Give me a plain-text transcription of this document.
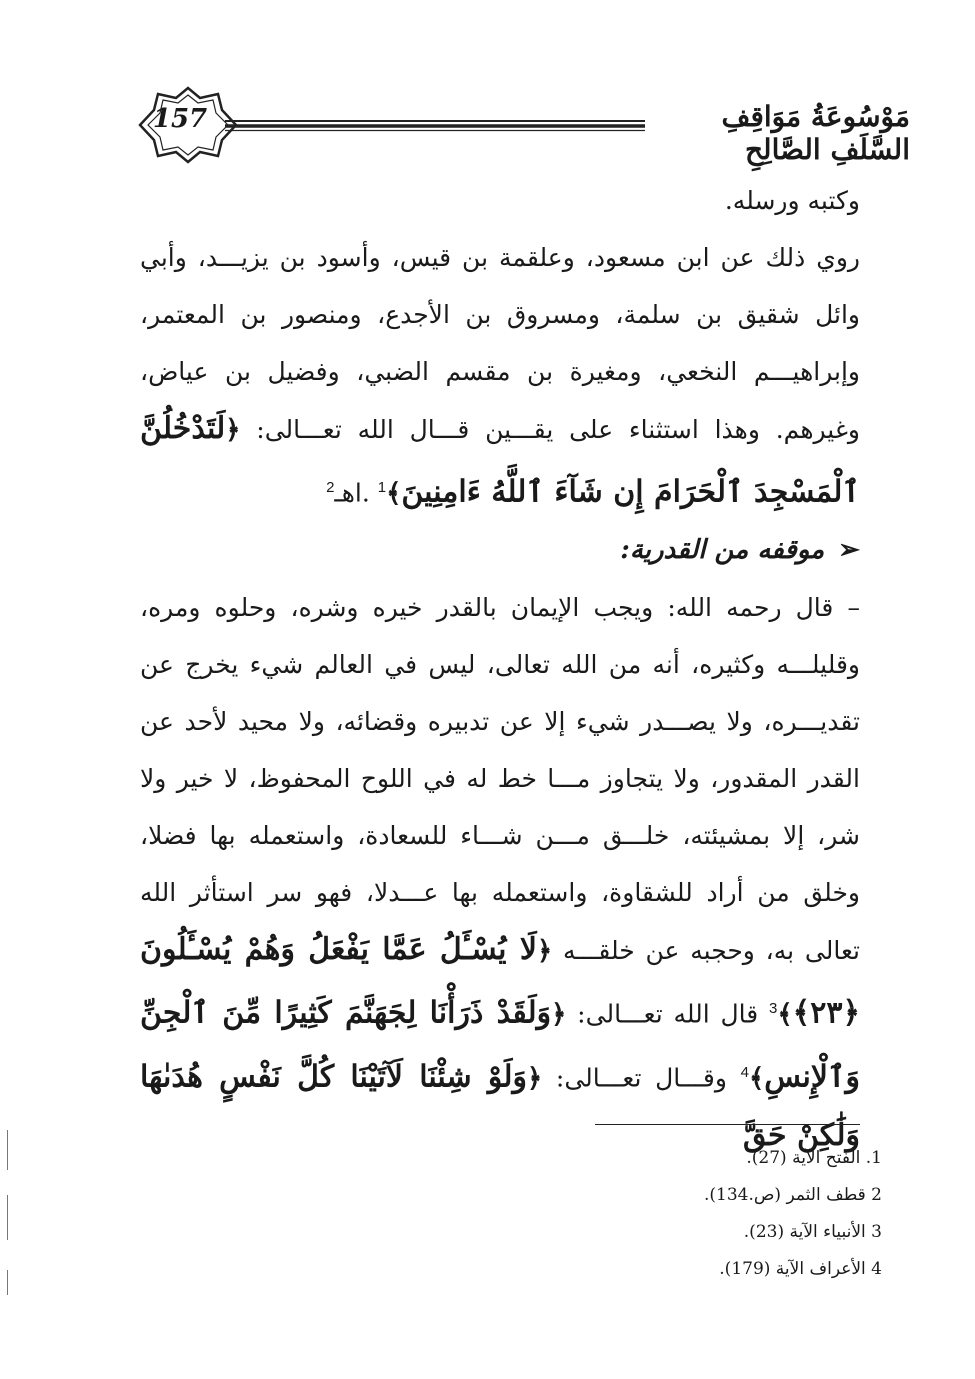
157	مَوْسُوعَةُ مَوَاقِفِ السَّلَفِ الصَّالِحِ

وكتبه ورسله.

روي ذلك عن ابن مسعود، وعلقمة بن قيس، وأسود بن يزيـــد، وأبي وائل شقيق بن سلمة، ومسروق بن الأجدع، ومنصور بن المعتمر، وإبراهيـــم النخعي، ومغيرة بن مقسم الضبي، وفضيل بن عياض، وغيرهم. وهذا استثناء على يقـــين قـــال الله تعـــالى: ﴿لَتَدْخُلُنَّ ٱلْمَسْجِدَ ٱلْحَرَامَ إِن شَآءَ ٱللَّهُ ءَامِنِينَ﴾$^1$ .اهـ$^2$

➢موقفه من القدرية:

– قال رحمه الله: ويجب الإيمان بالقدر خيره وشره، وحلوه ومره، وقليلـــه وكثيره، أنه من الله تعالى، ليس في العالم شيء يخرج عن تقديـــره، ولا يصـــدر شيء إلا عن تدبيره وقضائه، ولا محيد لأحد عن القدر المقدور، ولا يتجاوز مـــا خط له في اللوح المحفوظ، لا خير ولا شر، إلا بمشيئته، خلـــق مـــن شـــاء للسعادة، واستعمله بها فضلا، وخلق من أراد للشقاوة، واستعمله بها عـــدلا، فهو سر استأثر الله تعالى به، وحجبه عن خلقـــه ﴿لَا يُسْـَٔلُ عَمَّا يَفْعَلُ وَهُمْ يُسْـَٔلُونَ ﴿٢٣﴾﴾$^3$ قال الله تعـــالى: ﴿وَلَقَدْ ذَرَأْنَا لِجَهَنَّمَ كَثِيرًا مِّنَ ٱلْجِنِّ وَٱلْإِنسِ﴾$^4$ وقـــال تعـــالى: ﴿وَلَوْ شِئْنَا لَآتَيْنَا كُلَّ نَفْسٍ هُدَىٰهَا وَلَٰكِنْ حَقَّ

1. الفتح الآية (27).
2 قطف الثمر (ص.134).
3 الأنبياء الآية (23).
4 الأعراف الآية (179).
